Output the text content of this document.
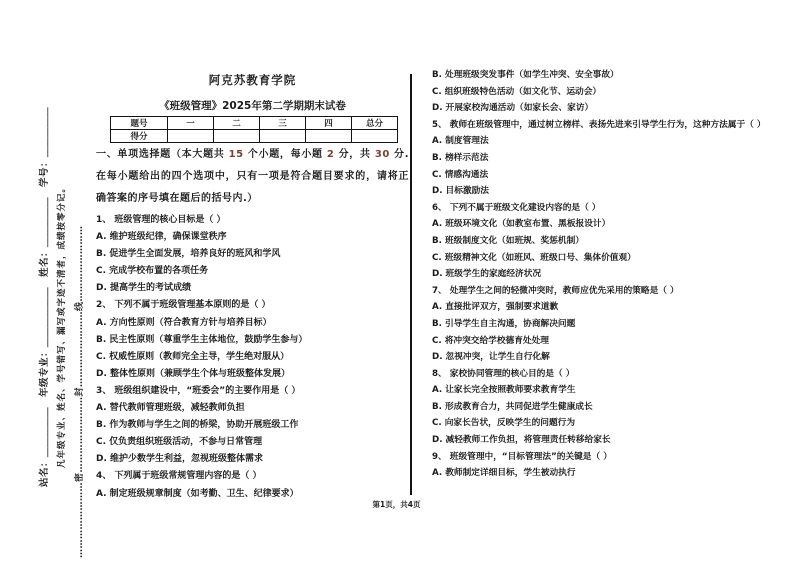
站名：＿＿＿＿＿　年级专业：＿＿＿＿＿＿　姓名：＿＿＿＿＿　学号：＿＿＿＿＿ 凡年级专业、姓名、学号错写、漏写或字迹不清者，成绩按零分记。 ……………………密……………………封……………………线……………………
阿克苏教育学院
《班级管理》2025年第二学期期末试卷
题号	一	二	三	四	总分
得分					
一、单项选择题（本大题共 15 个小题，每小题 2 分，共 30 分. 在每小题给出的四个选项中，只有一项是符合题目要求的，请将正确答案的序号填在题后的括号内.）
1、 班级管理的核心目标是（ ）
A. 维护班级纪律，确保课堂秩序
B. 促进学生全面发展，培养良好的班风和学风
C. 完成学校布置的各项任务
D. 提高学生的考试成绩
2、 下列不属于班级管理基本原则的是（ ）
A. 方向性原则（符合教育方针与培养目标）
B. 民主性原则（尊重学生主体地位，鼓励学生参与）
C. 权威性原则（教师完全主导，学生绝对服从）
D. 整体性原则（兼顾学生个体与班级整体发展）
3、 班级组织建设中，“班委会”的主要作用是（ ）
A. 替代教师管理班级，减轻教师负担
B. 作为教师与学生之间的桥梁，协助开展班级工作
C. 仅负责组织班级活动，不参与日常管理
D. 维护少数学生利益，忽视班级整体需求
4、 下列属于班级常规管理内容的是（ ）
A. 制定班级规章制度（如考勤、卫生、纪律要求）
B. 处理班级突发事件（如学生冲突、安全事故）
C. 组织班级特色活动（如文化节、运动会）
D. 开展家校沟通活动（如家长会、家访）
5、 教师在班级管理中，通过树立榜样、表扬先进来引导学生行为，这种方法属于（ ）
A. 制度管理法
B. 榜样示范法
C. 情感沟通法
D. 目标激励法
6、 下列不属于班级文化建设内容的是（ ）
A. 班级环境文化（如教室布置、黑板报设计）
B. 班级制度文化（如班规、奖惩机制）
C. 班级精神文化（如班风、班级口号、集体价值观）
D. 班级学生的家庭经济状况
7、 处理学生之间的轻微冲突时，教师应优先采用的策略是（ ）
A. 直接批评双方，强制要求道歉
B. 引导学生自主沟通，协商解决问题
C. 将冲突交给学校德育处处理
D. 忽视冲突，让学生自行化解
8、 家校协同管理的核心目的是（ ）
A. 让家长完全按照教师要求教育学生
B. 形成教育合力，共同促进学生健康成长
C. 向家长告状，反映学生的问题行为
D. 减轻教师工作负担，将管理责任转移给家长
9、 班级管理中，“目标管理法”的关键是（ ）
A. 教师制定详细目标，学生被动执行
第1页，共4页
